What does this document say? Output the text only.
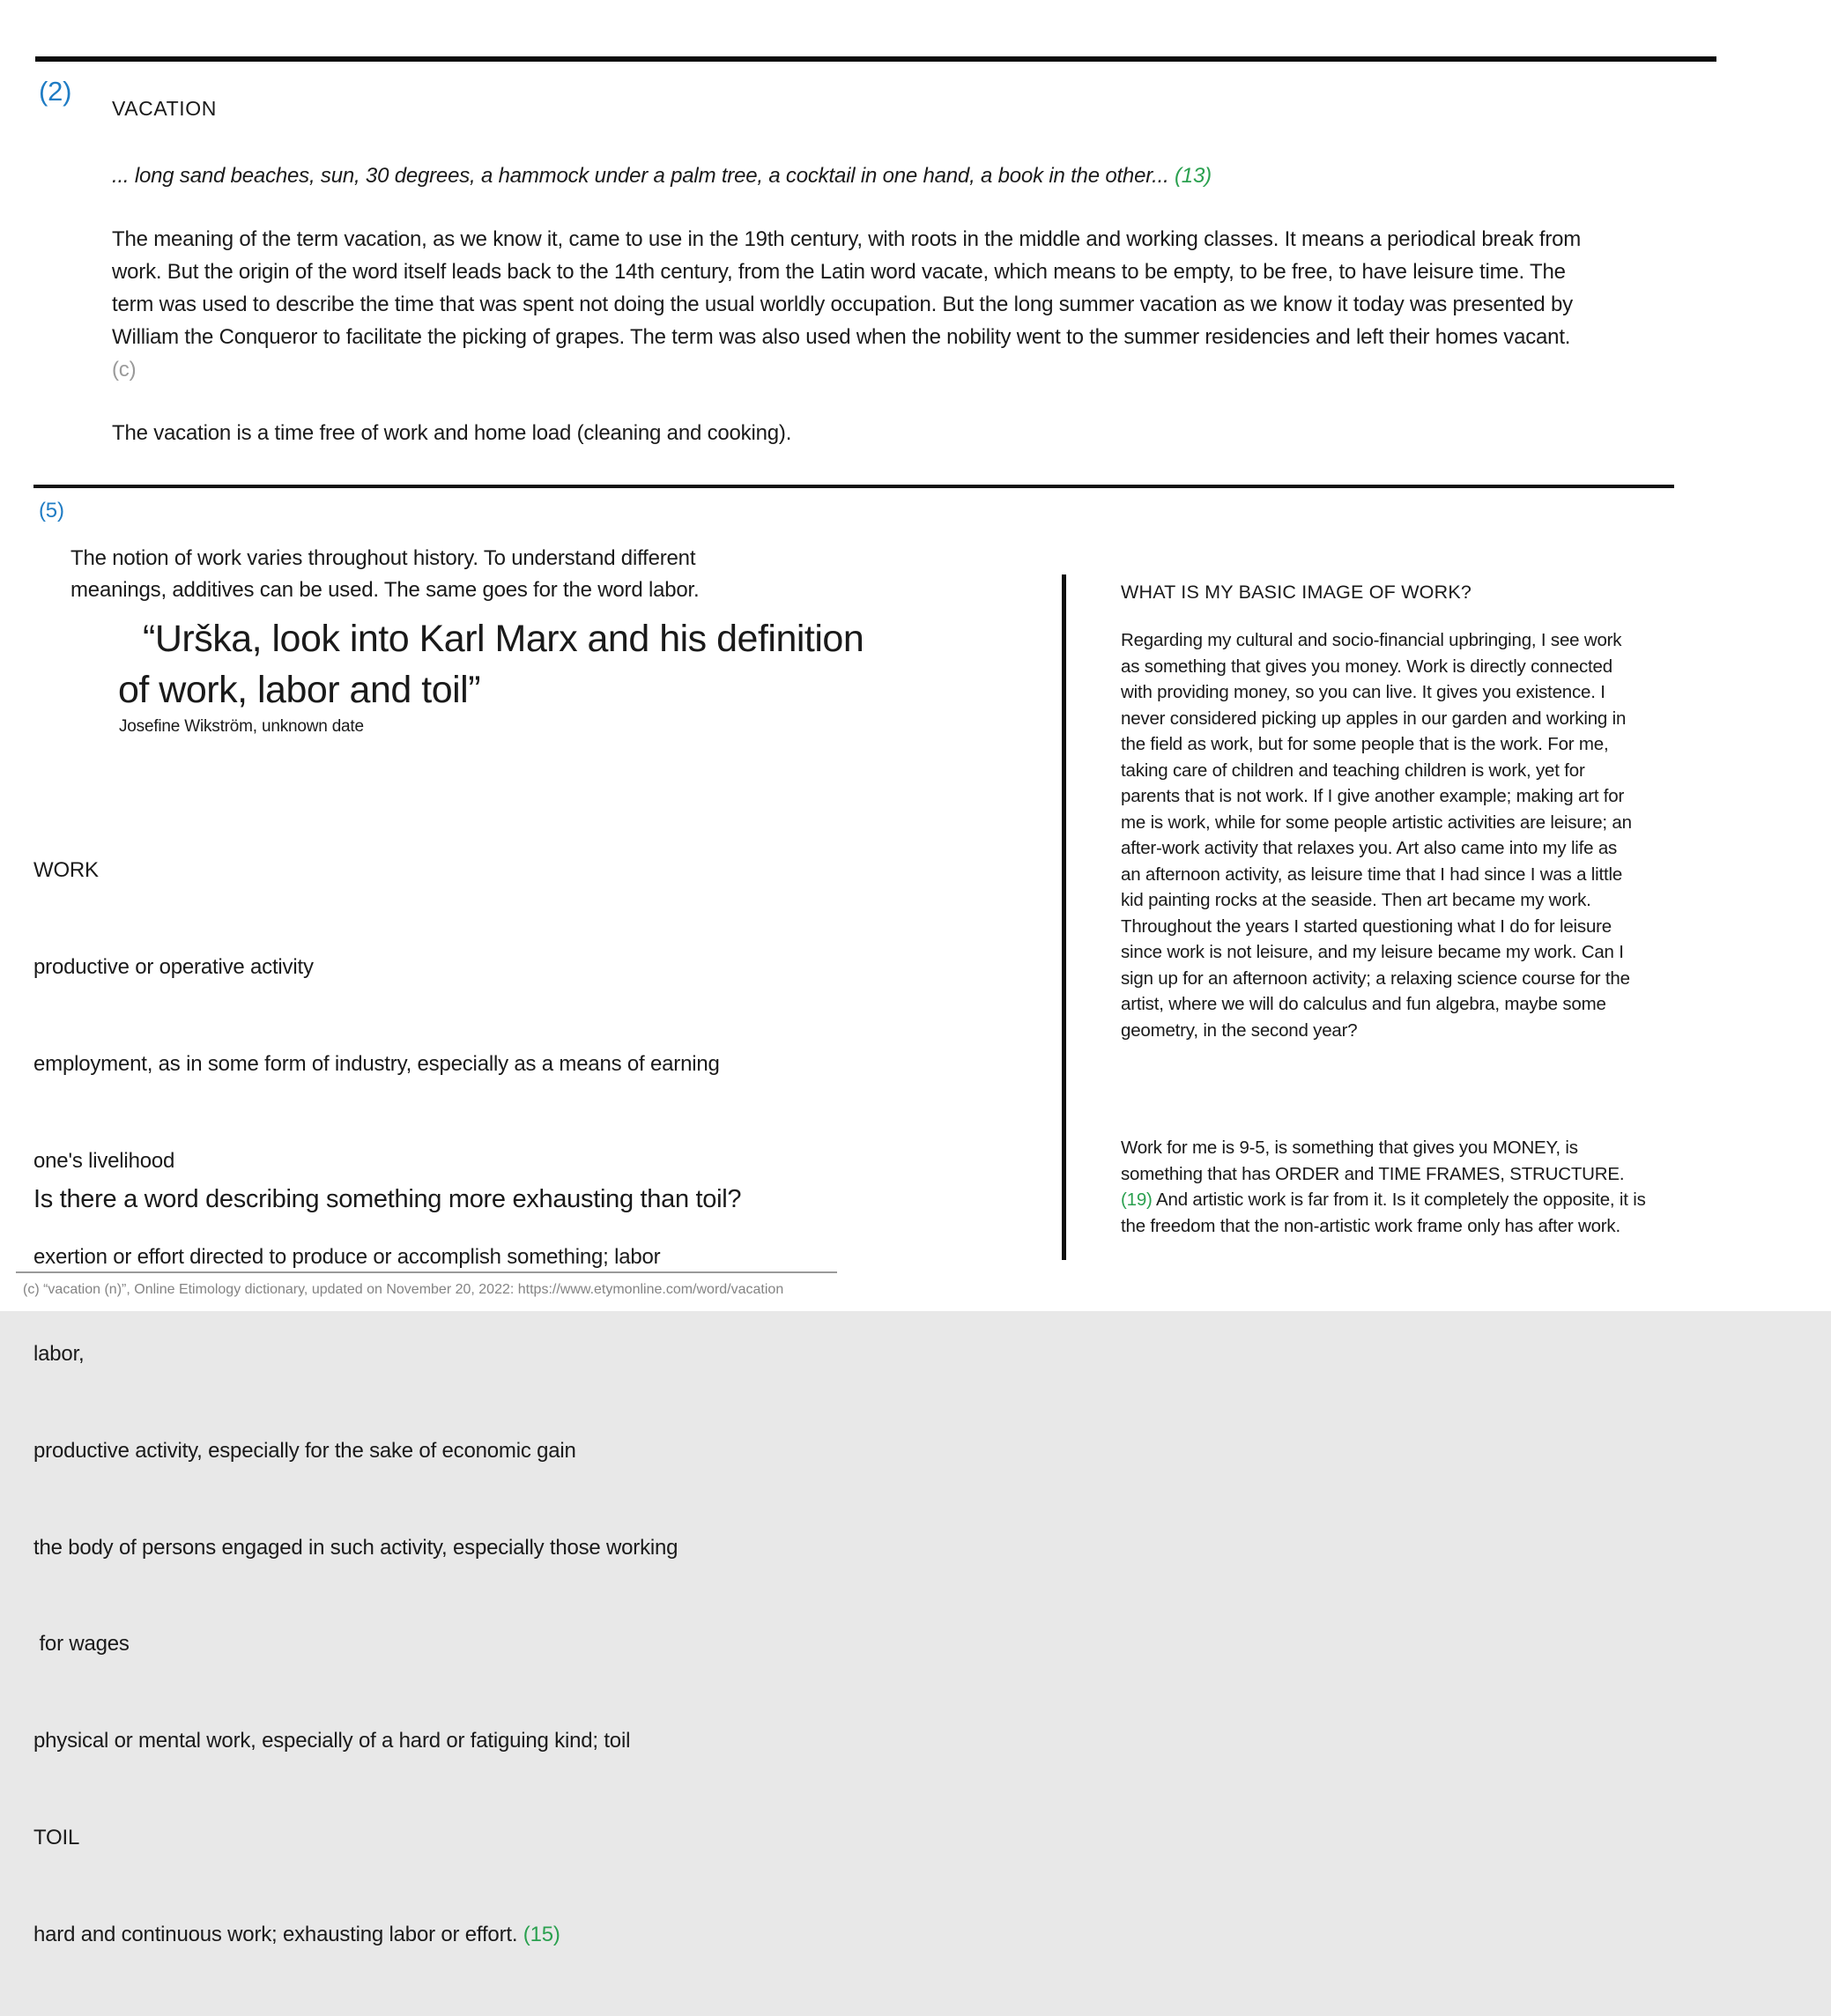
(2)
VACATION
... long sand beaches, sun, 30 degrees, a hammock under a palm tree, a cocktail in one hand, a book in the other... (13)
The meaning of the term vacation, as we know it, came to use in the 19th century, with roots in the middle and working classes. It means a periodical break from work. But the origin of the word itself leads back to the 14th century, from the Latin word vacate, which means to be empty, to be free, to have leisure time. The term was used to describe the time that was spent not doing the usual worldly occupation. But the long summer vacation as we know it today was presented by William the Conqueror to facilitate the picking of grapes. The term was also used when the nobility went to the summer residencies and left their homes vacant. (c)
The vacation is a time free of work and home load (cleaning and cooking).
(5)
The notion of work varies throughout history. To understand different
meanings, additives can be used. The same goes for the word labor.
“Urška, look into Karl Marx and his definition
of work, labor and toil”
Josefine Wikström, unknown date

WORK

productive or operative activity

employment, as in some form of industry, especially as a means of earning

one's livelihood

exertion or effort directed to produce or accomplish something; labor

labor,

productive activity, especially for the sake of economic gain

the body of persons engaged in such activity, especially those working

for wages

physical or mental work, especially of a hard or fatiguing kind; toil

TOIL

hard and continuous work; exhausting labor or effort. (15)

Is there a word describing something more exhausting than toil?
WHAT IS MY BASIC IMAGE OF WORK?
Regarding my cultural and socio-financial upbringing, I see work as something that gives you money. Work is directly connected with providing money, so you can live. It gives you existence. I never considered picking up apples in our garden and working in the field as work, but for some people that is the work. For me, taking care of children and teaching children is work, yet for parents that is not work. If I give another example; making art for me is work, while for some people artistic activities are leisure; an after-work activity that relaxes you. Art also came into my life as an afternoon activity, as leisure time that I had since I was a little kid painting rocks at the seaside. Then art became my work. Throughout the years I started questioning what I do for leisure since work is not leisure, and my leisure became my work. Can I sign up for an afternoon activity; a relaxing science course for the artist, where we will do calculus and fun algebra, maybe some geometry, in the second year?
Work for me is 9-5, is something that gives you MONEY, is something that has ORDER and TIME FRAMES, STRUCTURE. (19) And artistic work is far from it. Is it completely the opposite, it is the freedom that the non-artistic work frame only has after work.
(c) “vacation (n)”, Online Etimology dictionary, updated on November 20, 2022: https://www.etymonline.com/word/vacation
